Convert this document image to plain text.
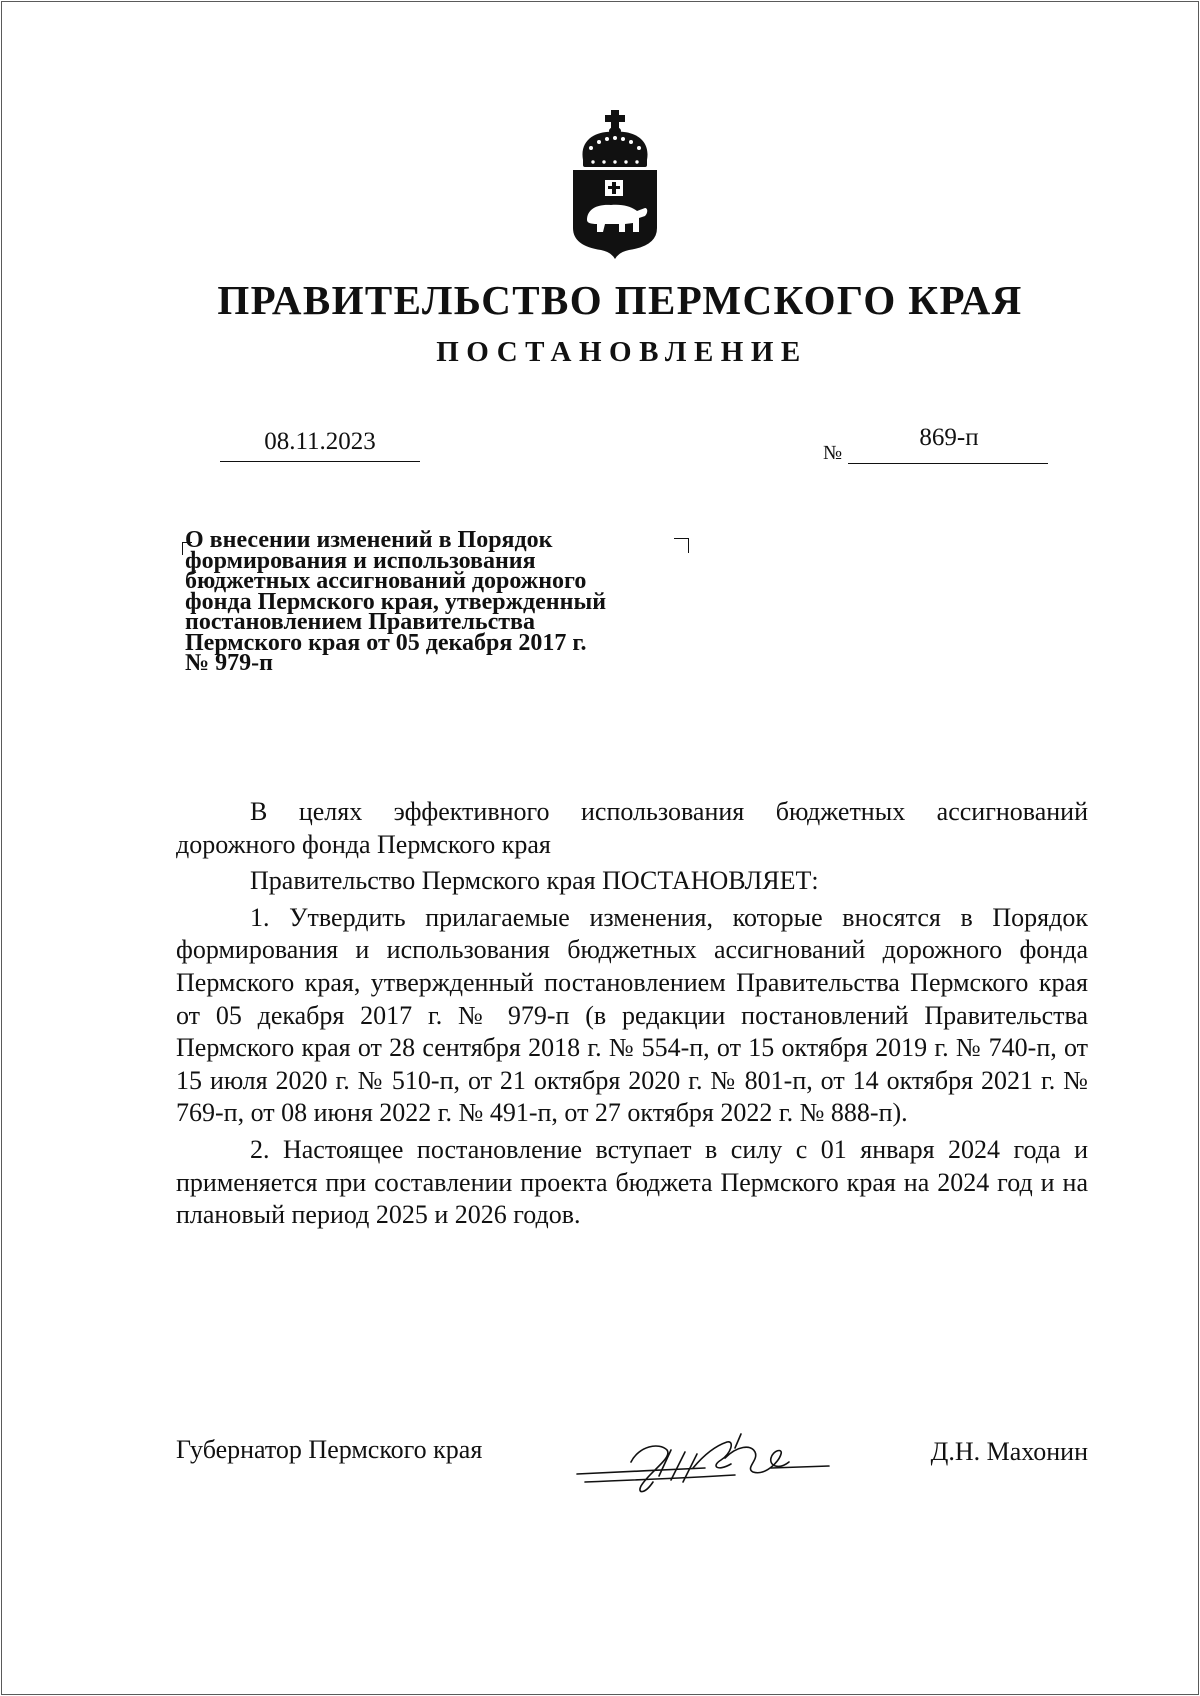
ПРАВИТЕЛЬСТВО ПЕРМСКОГО КРАЯ
ПОСТАНОВЛЕНИЕ
08.11.2023	№
869-п

О внесении изменений в Порядок
формирования и использования
бюджетных ассигнований дорожного
фонда Пермского края, утвержденный
постановлением Правительства
Пермского края от 05 декабря 2017 г.
№ 979-п

В целях эффективного использования бюджетных ассигнований дорожного фонда Пермского края

Правительство Пермского края ПОСТАНОВЛЯЕТ:

1. Утвердить прилагаемые изменения, которые вносятся в Порядок формирования и использования бюджетных ассигнований дорожного фонда Пермского края, утвержденный постановлением Правительства Пермского края от 05 декабря 2017 г. № 979-п (в редакции постановлений Правительства Пермского края от 28 сентября 2018 г. № 554-п, от 15 октября 2019 г. № 740-п, от 15 июля 2020 г. № 510-п, от 21 октября 2020 г. № 801-п, от 14 октября 2021 г. № 769-п, от 08 июня 2022 г. № 491-п, от 27 октября 2022 г. № 888-п).

2. Настоящее постановление вступает в силу с 01 января 2024 года и применяется при составлении проекта бюджета Пермского края на 2024 год и на плановый период 2025 и 2026 годов.

Губернатор Пермского края	Д.Н. Махонин
